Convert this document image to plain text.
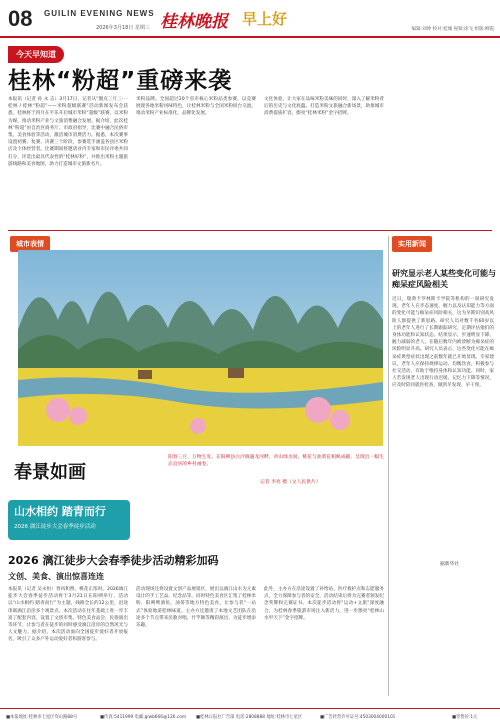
08 GUILIN EVENING NEWS
2026年3月18日 星期三 桂林晚报 早上好
编辑:刘坤 校对:桂城 视频:徐飞 组版:柳霞
今天早知道
桂林“粉超”重磅来袭
本报讯（记者 孙 永 志）3月17日，记者从“圈点三月三·一桂林 / 桂林“粉超”——米粉超级联赛”活动新闻发布会获悉，桂林将于四月在平乐开启城市米粉“超级”联赛，以米粉为媒，推动米粉产业与文旅消费融合发展。据介绍，此次桂林“粉超”由自治区商务厅、市政府指导，比赛中融合民俗市集、美食体验等活动，激活城市消费活力。据悉，本次赛事设置初赛、复赛、决赛三个阶段，参赛选手涵盖各县区米粉店及个体经营者。比赛期间将邀请业内专家和市民评委共同打分，评选出最具代表性的“桂林好粉”，并推出米粉主题旅游线路和美食地图，助力打造城市文旅新名片。
米粉品牌。全国超过20个省市核心米粉品类参赛，以竞赛展现各地米粉风味特色，让桂林米粉与全国米粉同台交流，推动米粉产业标准化、品牌化发展。
文化体验，让大家在品味米粉美味的同时，深入了解米粉背后的历史与文化底蕴。打造米粉文旅融合新场景，助推城市消费提质扩容，擦亮“桂林米粉”金字招牌。
城市表情
春景如画
阳春三月，万物生发。在阳朔县白沙镇遇龙河畔，青山绿水间，桃花与油菜花相映成趣，呈现出一幅生态宜居的乡村画卷。
记者 李亮 摄（文人民供片）
山水相约 踏青而行
2026 漓江徒步大会春季徒步活动
2026 漓江徒步大会春季徒步活动精彩加码
文创、美食、演出惊喜连连
本报讯（记者 吴永恒）春风和煦，桃花正浓时。2026漓江徒步大会春季徒步活动将于3月21日在阳朔举行，活动以“山水相约 踏青而行”为主题，线路全长约12公里，沿途串联漓江沿岸多个观景点。本次活动在往年基础上进一步丰富了配套内容，设置了文创市集、特色美食品尝、民俗演出等环节，让参与者在徒步的同时感受漓江沿岸的自然风光与人文魅力。据介绍，本次活动面向全国徒步爱好者开放报名，吸引了众多户外运动爱好者和游客参与。
活动现场还将设置文创产品展销区，展出以漓江山水为元素设计的手工艺品、纪念品等。同时特色美食区汇集了桂林米粉、阳朔啤酒鱼、油茶等地方特色美食，让参与者“一站式”体验地道桂林味道。主办方还邀请了本地文艺团队在沿途多个节点带来民歌对唱、竹竿舞等精彩演出，为徒步增添乐趣。
此外，主办方在沿途设置了补给站、医疗救护点和志愿服务点，全力保障参与者的安全。活动结束后将为完赛者颁发纪念奖牌和完赛证书。本次徒步活动将“运动+文旅”深度融合，为桂林春季旅游市场注入新活力，进一步擦亮“桂林山水甲天下”金字招牌。
实用新闻
研究显示老人某些变化可能与痴呆症风险相关
近日，瑞典卡罗林斯卡学院等机构的一项研究发现，老年人在步态速度、握力以及认知能力等方面的变化可能与痴呆症风险相关，这为早期识别高风险人群提供了新思路。研究人员对数千名60岁以上的老年人进行了长期跟踪研究，定期评估他们的身体功能和认知状态。结果显示，步速明显下降、握力减弱的老人，在随后数年内被诊断为痴呆症的风险明显升高。研究人员表示，这些变化可能在痴呆症典型症状出现之前数年就已开始显现。专家建议，老年人应保持规律运动、均衡饮食，积极参与社交活动，有助于维持身体和认知功能。同时，家人若发现老人出现行动迟缓、记忆力下降等情况，应及时陪同就医检查，做到早发现、早干预。
据新华社
■本报地址:桂林市七星区穿山路88号	■传真:5411999 电邮:glwb666@126.com ■桂林日报社广告部 电话:2808888 地址:桂林市七星区	■广告经营许可证号:4503004000101	■零售价:1元
